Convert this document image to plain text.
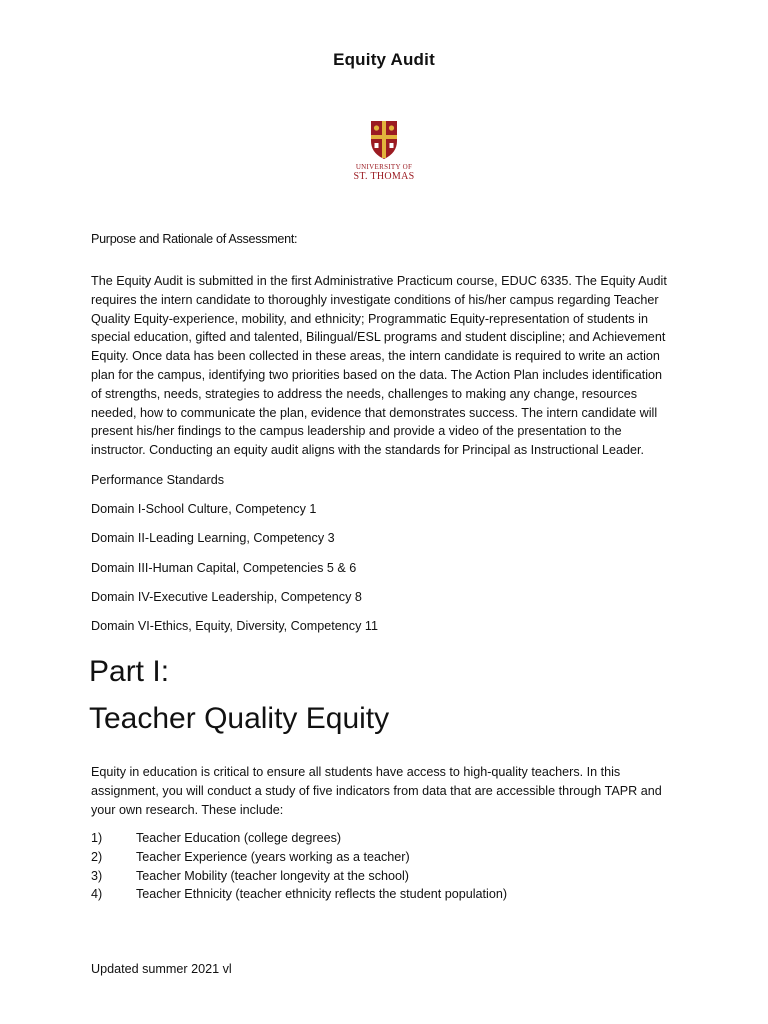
Equity Audit
UNIVERSITY OF
ST. THOMAS
Purpose and Rationale of Assessment:

The Equity Audit is submitted in the first Administrative Practicum course, EDUC 6335. The Equity Audit

requires the intern candidate to thoroughly investigate conditions of his/her campus regarding Teacher

Quality Equity-experience, mobility, and ethnicity; Programmatic Equity-representation of students in

special education, gifted and talented, Bilingual/ESL programs and student discipline; and Achievement

Equity. Once data has been collected in these areas, the intern candidate is required to write an action

plan for the campus, identifying two priorities based on the data. The Action Plan includes identification

of strengths, needs, strategies to address the needs, challenges to making any change, resources

needed, how to communicate the plan, evidence that demonstrates success. The intern candidate will

present his/her findings to the campus leadership and provide a video of the presentation to the

instructor. Conducting an equity audit aligns with the standards for Principal as Instructional Leader.

Performance Standards
Domain I-School Culture, Competency 1
Domain II-Leading Learning, Competency 3
Domain III-Human Capital, Competencies 5 & 6
Domain IV-Executive Leadership, Competency 8
Domain VI-Ethics, Equity, Diversity, Competency 11
Part I:
Teacher Quality Equity
Equity in education is critical to ensure all students have access to high-quality teachers. In this
assignment, you will conduct a study of five indicators from data that are accessible through TAPR and
your own research. These include:
1)	Teacher Education (college degrees)
2)	Teacher Experience (years working as a teacher)
3)	Teacher Mobility (teacher longevity at the school)
4)	Teacher Ethnicity (teacher ethnicity reflects the student population)
Updated summer 2021 vl
